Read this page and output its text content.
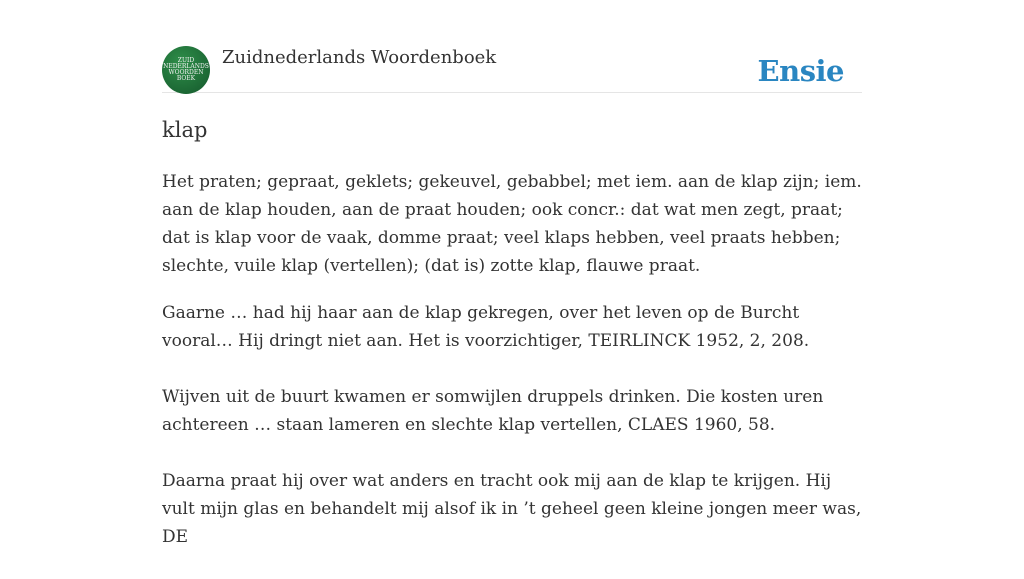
ZUID
NEDERLANDS
WOORDEN
BOEK
Zuidnederlands Woordenboek	Ensie
klap

Het praten; gepraat, geklets; gekeuvel, gebabbel; met iem. aan de klap zijn; iem. aan de klap houden, aan de praat houden; ook concr.: dat wat men zegt, praat; dat is klap voor de vaak, domme praat; veel klaps hebben, veel praats hebben; slechte, vuile klap (vertellen); (dat is) zotte klap, flauwe praat.

Gaarne … had hij haar aan de klap gekregen, over het leven op de Burcht vooral… Hij dringt niet aan. Het is voorzichtiger, TEIRLINCK 1952, 2, 208.

Wijven uit de buurt kwamen er somwijlen druppels drinken. Die kosten uren achtereen … staan lameren en slechte klap vertellen, CLAES 1960, 58.

Daarna praat hij over wat anders en tracht ook mij aan de klap te krijgen. Hij vult mijn glas en behandelt mij alsof ik in ’t geheel geen kleine jongen meer was, DE
